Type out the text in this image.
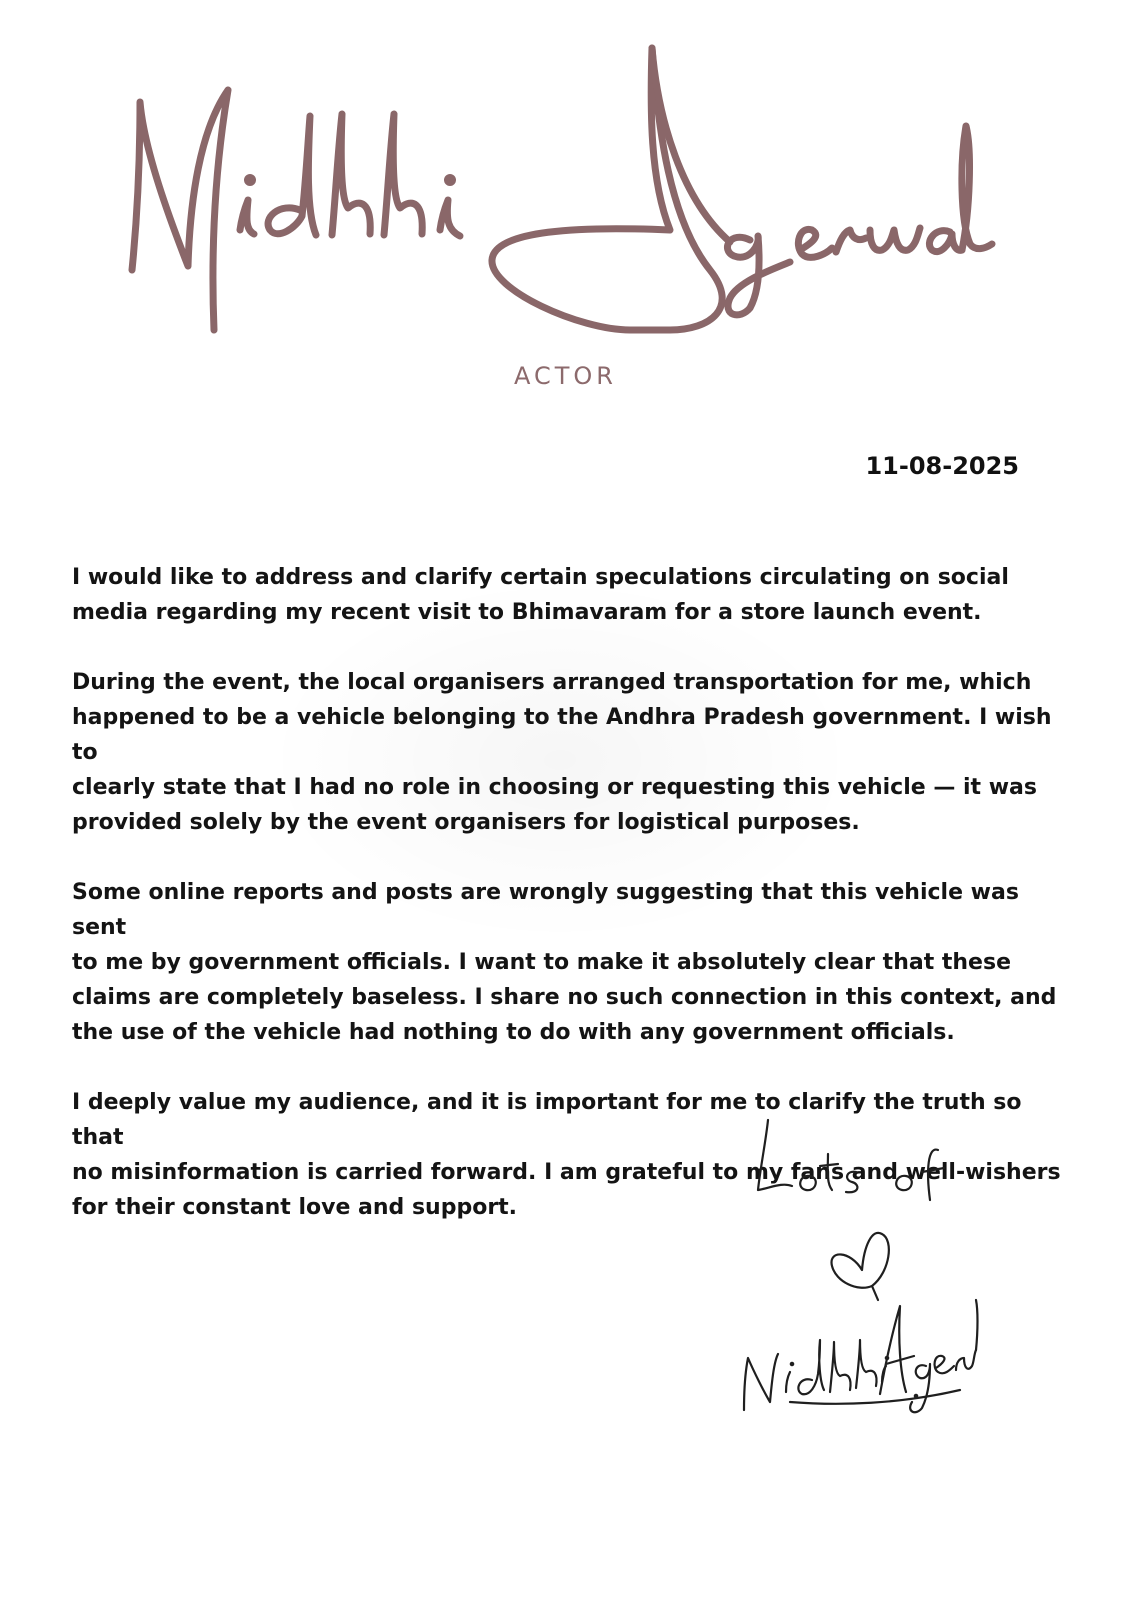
ACTOR
11-08-2025

I would like to address and clarify certain speculations circulating on social
media regarding my recent visit to Bhimavaram for a store launch event.

During the event, the local organisers arranged transportation for me, which
happened to be a vehicle belonging to the Andhra Pradesh government. I wish to
clearly state that I had no role in choosing or requesting this vehicle — it was
provided solely by the event organisers for logistical purposes.

Some online reports and posts are wrongly suggesting that this vehicle was sent
to me by government officials. I want to make it absolutely clear that these
claims are completely baseless. I share no such connection in this context, and
the use of the vehicle had nothing to do with any government officials.

I deeply value my audience, and it is important for me to clarify the truth so that
no misinformation is carried forward. I am grateful to my fans and well-wishers
for their constant love and support.
